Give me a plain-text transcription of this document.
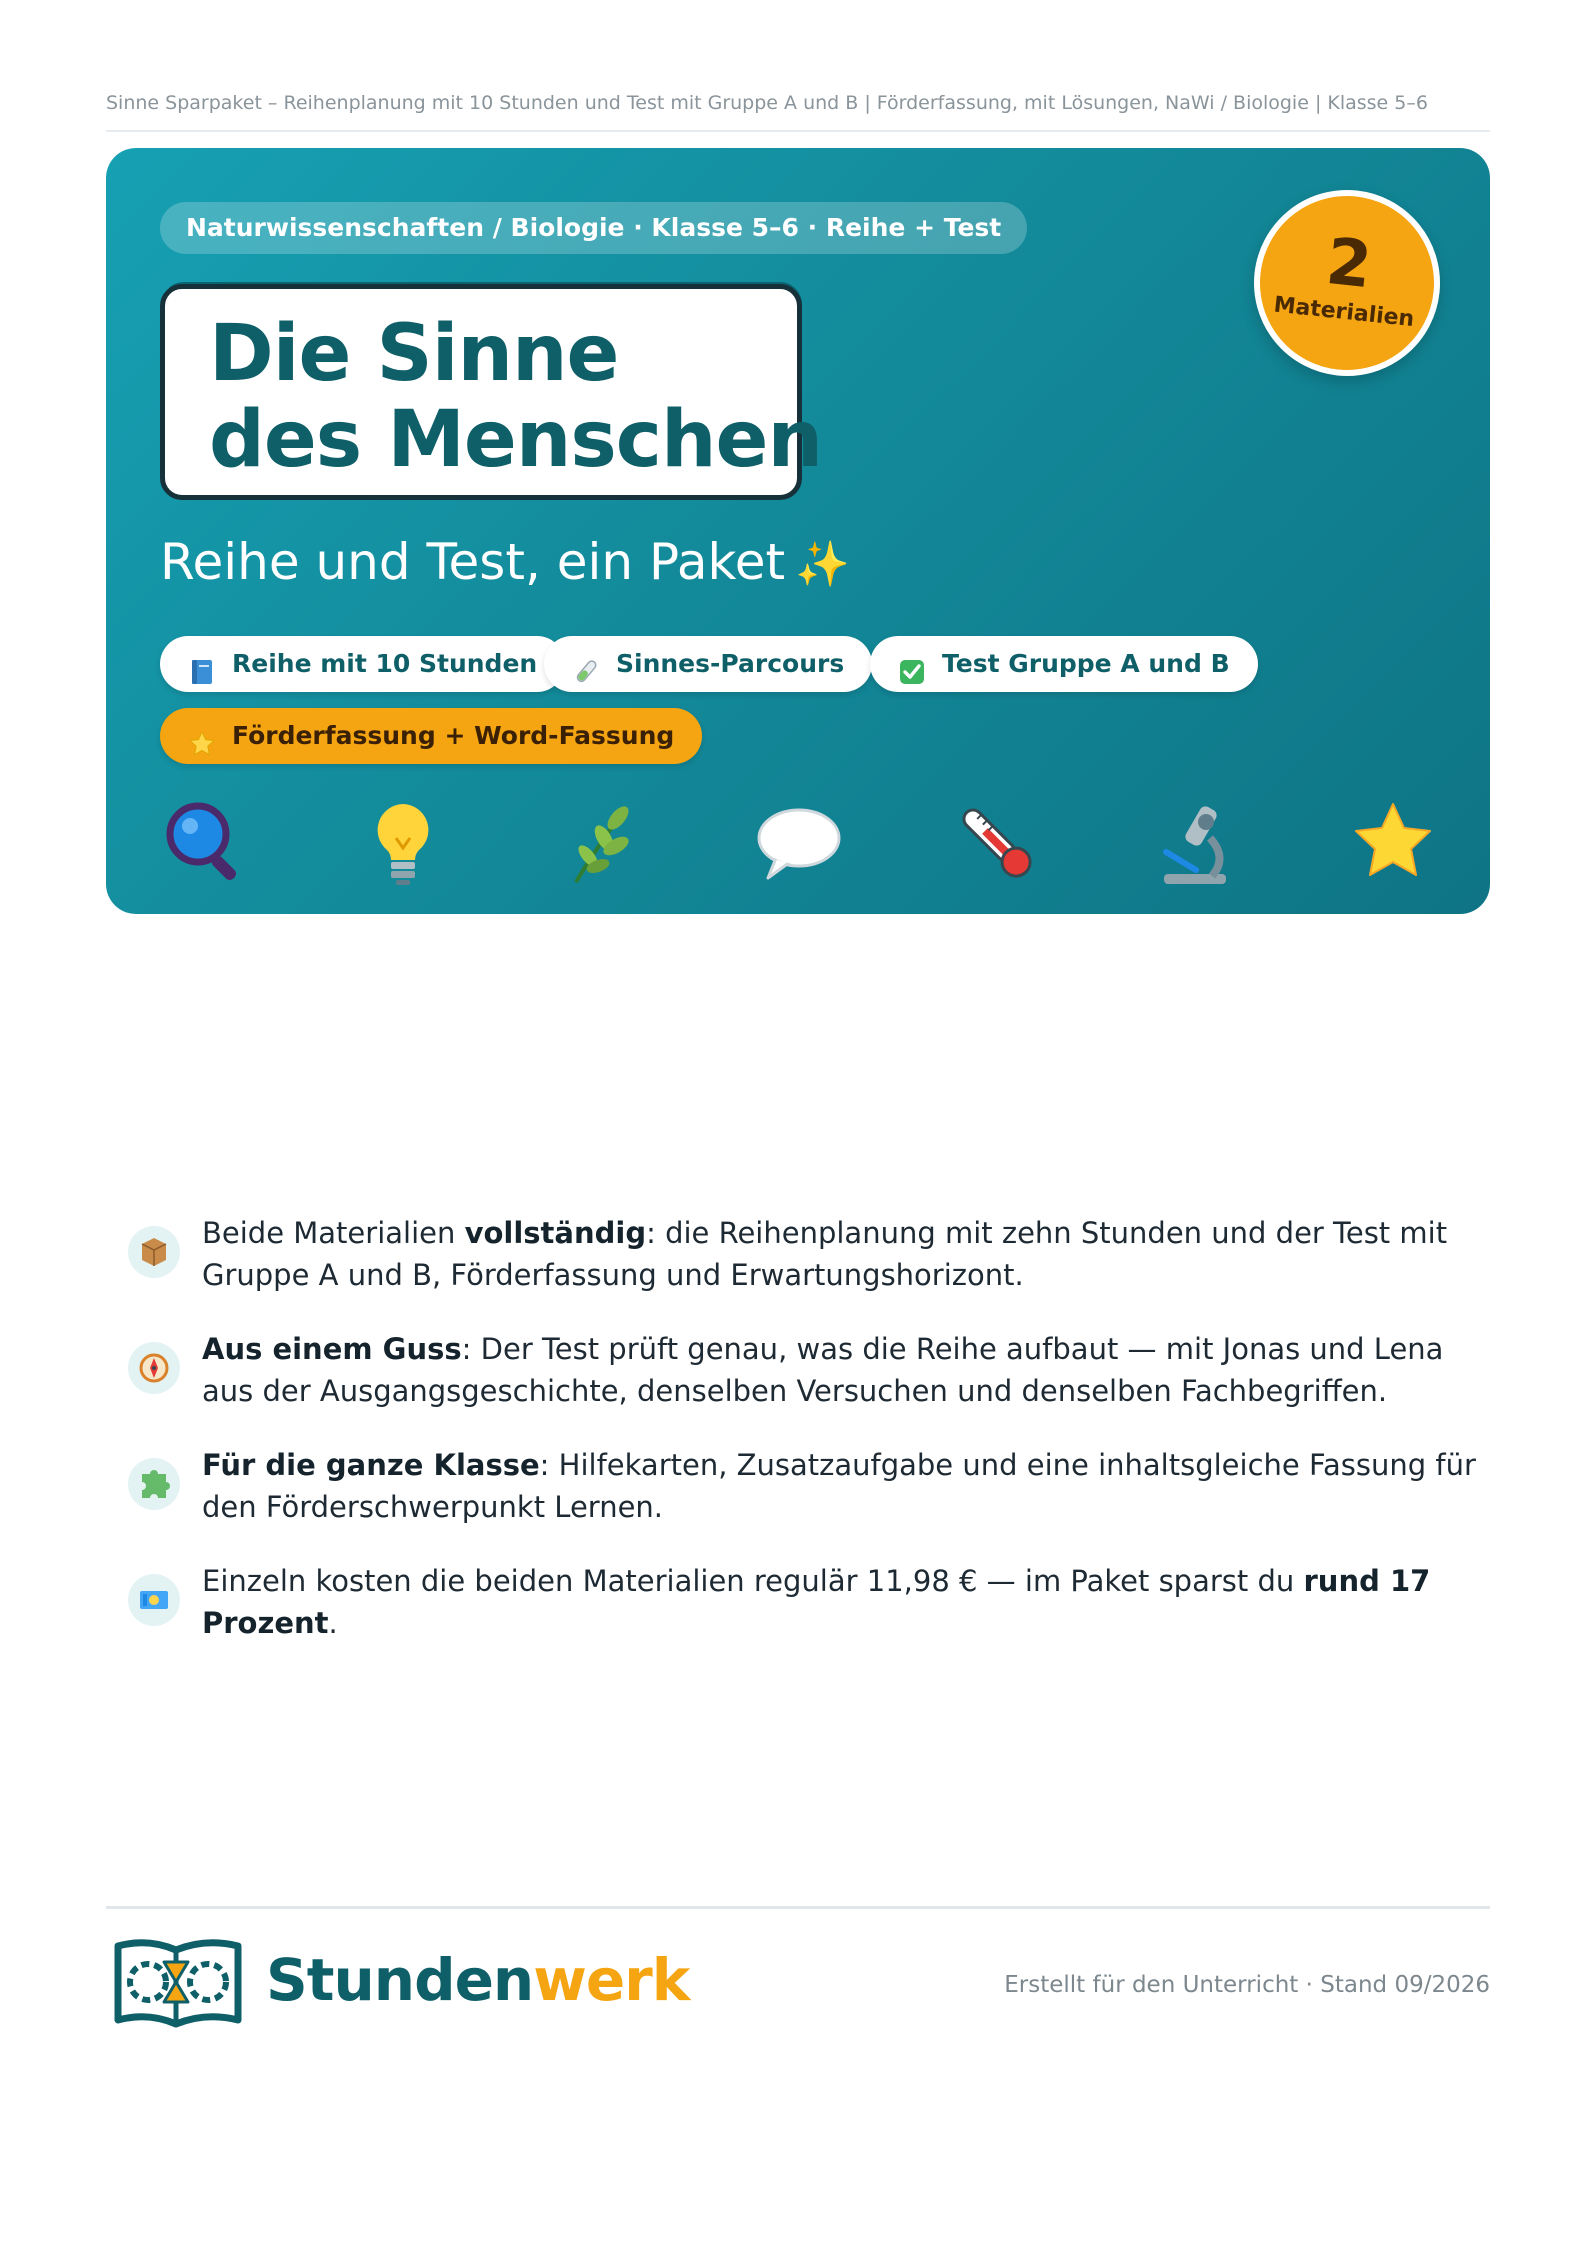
Sinne Sparpaket – Reihenplanung mit 10 Stunden und Test mit Gruppe A und B | Förderfassung, mit Lösungen, NaWi / Biologie | Klasse 5–6
Naturwissenschaften / Biologie · Klasse 5–6 · Reihe + Test
Die Sinne
des Menschen
Reihe und Test, ein Paket ✨
2
Materialien
Reihe mit 10 Stunden	Sinnes-Parcours	Test Gruppe A und B
Förderfassung + Word-Fassung
Beide Materialien vollständig: die Reihenplanung mit zehn Stunden und der Test mit Gruppe A und B, Förderfassung und Erwartungshorizont.
Aus einem Guss: Der Test prüft genau, was die Reihe aufbaut — mit Jonas und Lena aus der Ausgangsgeschichte, denselben Versuchen und denselben Fachbegriffen.
Für die ganze Klasse: Hilfekarten, Zusatzaufgabe und eine inhaltsgleiche Fassung für den Förderschwerpunkt Lernen.
Einzeln kosten die beiden Materialien regulär 11,98 € — im Paket sparst du rund 17 Prozent.
Stundenwerk	Erstellt für den Unterricht · Stand 09/2026
